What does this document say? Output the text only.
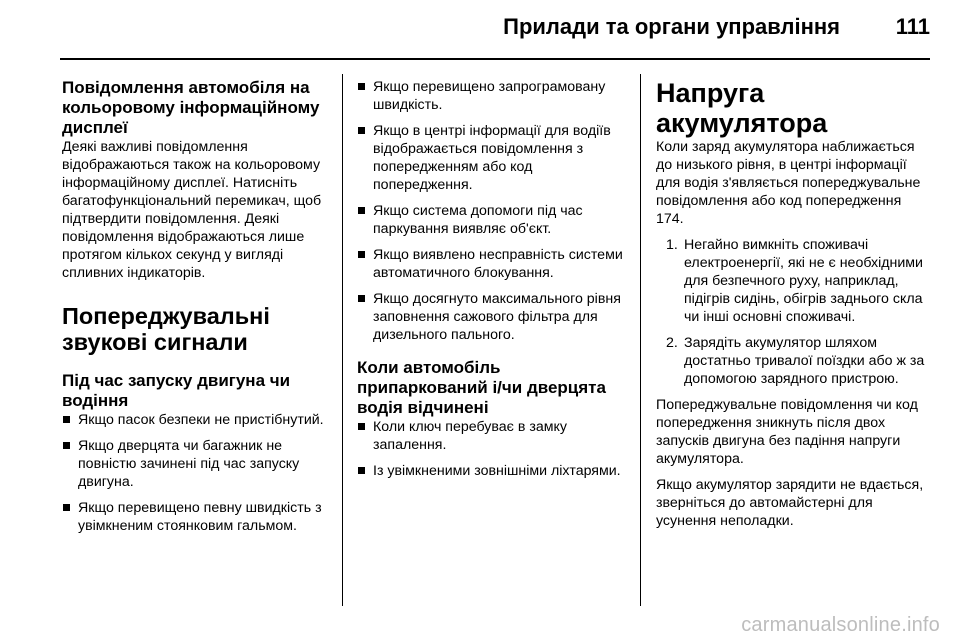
Прилади та органи управління	111
Повідомлення автомобіля на кольоровому інформаційному дисплеї

Деякі важливі повідомлення відображаються також на кольоровому інформаційному дисплеї. Натисніть багатофункціональний перемикач, щоб підтвердити повідомлення. Деякі повідомлення відображаються лише протягом кількох секунд у вигляді спливних індикаторів.

Попереджувальні звукові сигнали
Під час запуску двигуна чи водіння
Якщо пасок безпеки не пристібнутий.
Якщо дверцята чи багажник не повністю зачинені під час запуску двигуна.
Якщо перевищено певну швидкість з увімкненим стоянковим гальмом.
Якщо перевищено запрограмовану швидкість.
Якщо в центрі інформації для водіїв відображається повідомлення з попередженням або код попередження.
Якщо система допомоги під час паркування виявляє об'єкт.
Якщо виявлено несправність системи автоматичного блокування.
Якщо досягнуто максимального рівня заповнення сажового фільтра для дизельного пального.
Коли автомобіль припаркований і/чи дверцята водія відчинені
Коли ключ перебуває в замку запалення.
Із увімкненими зовнішніми ліхтарями.
Напруга акумулятора

Коли заряд акумулятора наближається до низького рівня, в центрі інформації для водія з'являється попереджувальне повідомлення або код попередження 174.

1. Негайно вимкніть споживачі електроенергії, які не є необхідними для безпечного руху, наприклад, підігрів сидінь, обігрів заднього скла чи інші основні споживачі.
2. Зарядіть акумулятор шляхом достатньо тривалої поїздки або ж за допомогою зарядного пристрою.

Попереджувальне повідомлення чи код попередження зникнуть після двох запусків двигуна без падіння напруги акумулятора.

Якщо акумулятор зарядити не вдається, зверніться до автомайстерні для усунення неполадки.

carmanualsonline.info
